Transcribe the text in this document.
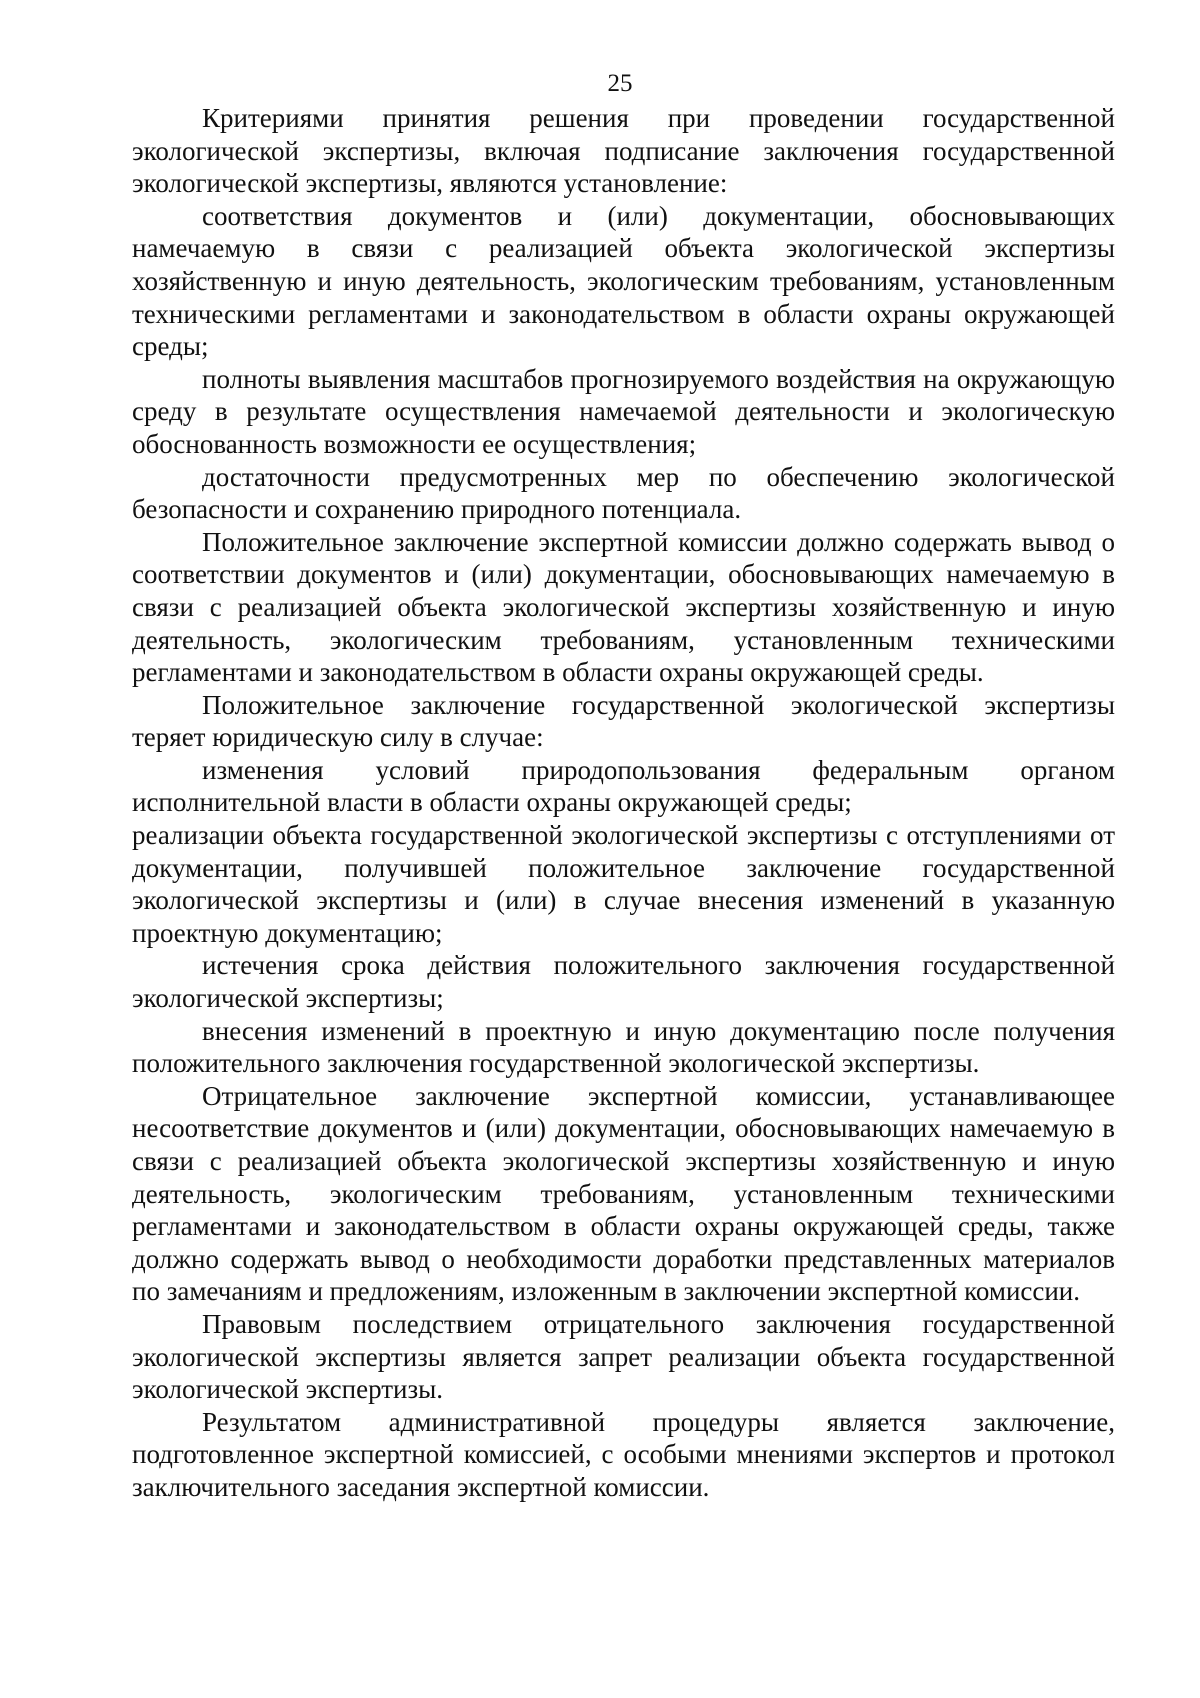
25

Критериями принятия решения при проведении государственной экологической экспертизы, включая подписание заключения государственной экологической экспертизы, являются установление:

соответствия документов и (или) документации, обосновывающих намечаемую в связи с реализацией объекта экологической экспертизы хозяйственную и иную деятельность, экологическим требованиям, установленным техническими регламентами и законодательством в области охраны окружающей среды;

полноты выявления масштабов прогнозируемого воздействия на окружающую среду в результате осуществления намечаемой деятельности и экологическую обоснованность возможности ее осуществления;

достаточности предусмотренных мер по обеспечению экологической безопасности и сохранению природного потенциала.

Положительное заключение экспертной комиссии должно содержать вывод о соответствии документов и (или) документации, обосновывающих намечаемую в связи с реализацией объекта экологической экспертизы хозяйственную и иную деятельность, экологическим требованиям, установленным техническими регламентами и законодательством в области охраны окружающей среды.

Положительное заключение государственной экологической экспертизы теряет юридическую силу в случае:

изменения условий природопользования федеральным органом исполнительной власти в области охраны окружающей среды;

реализации объекта государственной экологической экспертизы с отступлениями от документации, получившей положительное заключение государственной экологической экспертизы и (или) в случае внесения изменений в указанную проектную документацию;

истечения срока действия положительного заключения государственной экологической экспертизы;

внесения изменений в проектную и иную документацию после получения положительного заключения государственной экологической экспертизы.

Отрицательное заключение экспертной комиссии, устанавливающее несоответствие документов и (или) документации, обосновывающих намечаемую в связи с реализацией объекта экологической экспертизы хозяйственную и иную деятельность, экологическим требованиям, установленным техническими регламентами и законодательством в области охраны окружающей среды, также должно содержать вывод о необходимости доработки представленных материалов по замечаниям и предложениям, изложенным в заключении экспертной комиссии.

Правовым последствием отрицательного заключения государственной экологической экспертизы является запрет реализации объекта государственной экологической экспертизы.

Результатом административной процедуры является заключение, подготовленное экспертной комиссией, с особыми мнениями экспертов и протокол заключительного заседания экспертной комиссии.
